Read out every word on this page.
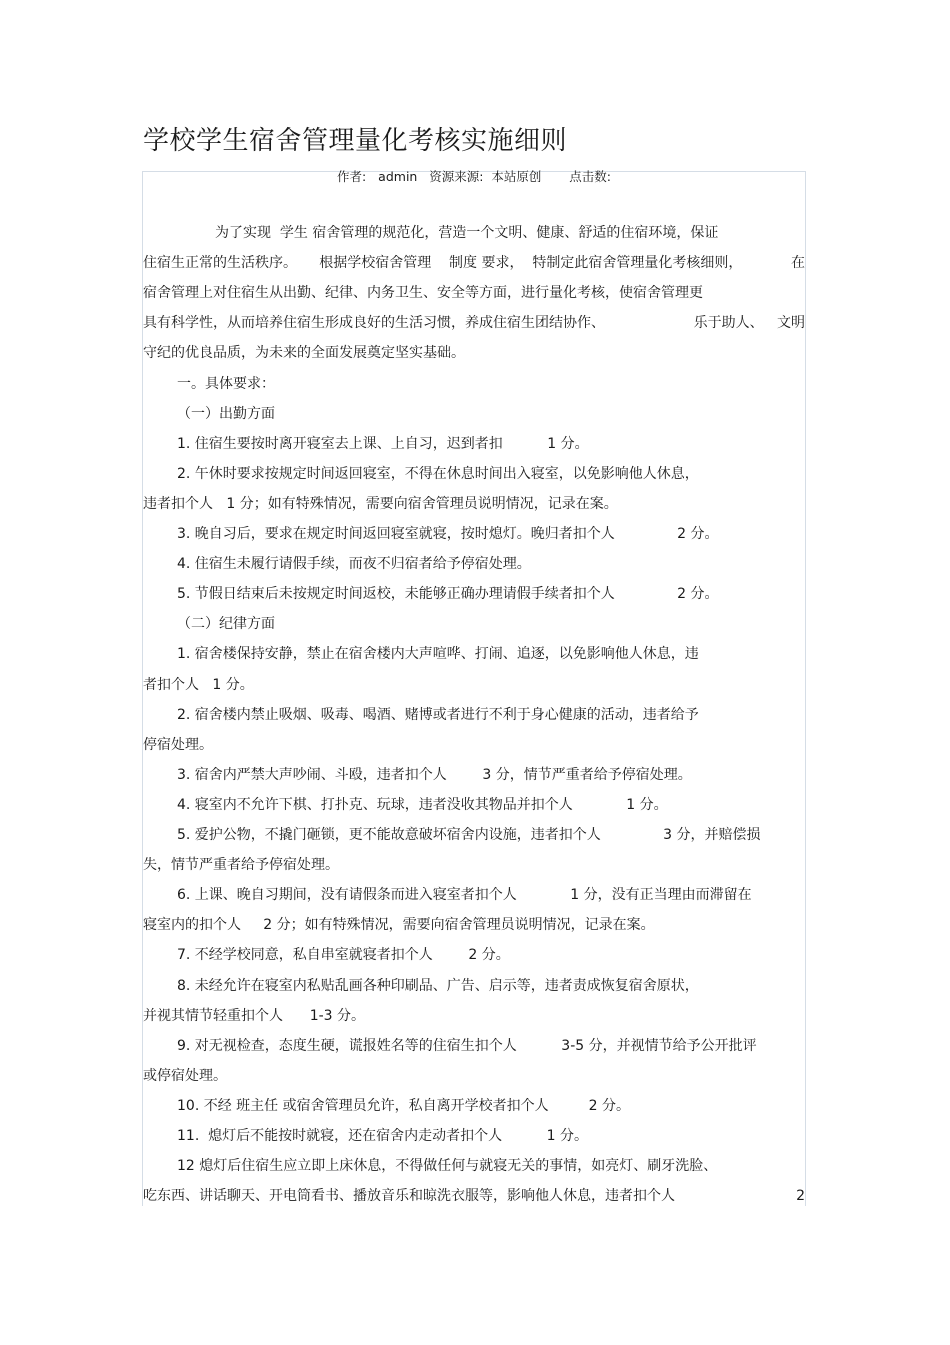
学校学生宿舍管理量化考核实施细则
作者:   admin   资源来源:  本站原创       点击数:
为了实现  学生 宿舍管理的规范化，营造一个文明、健康、舒适的住宿环境，保证
住宿生正常的生活秩序。     根据学校宿舍管理    制度 要求，  特制定此宿舍管理量化考核细则，	在
宿舍管理上对住宿生从出勤、纪律、内务卫生、安全等方面，进行量化考核，使宿舍管理更
具有科学性，从而培养住宿生形成良好的生活习惯，养成住宿生团结协作、	乐于助人、   文明
守纪的优良品质，为未来的全面发展奠定坚实基础。
一。具体要求：
（一）出勤方面
1. 住宿生要按时离开寝室去上课、上自习，迟到者扣          1 分。
2. 午休时要求按规定时间返回寝室，不得在休息时间出入寝室，以免影响他人休息，
违者扣个人   1 分；如有特殊情况，需要向宿舍管理员说明情况，记录在案。
3. 晚自习后，要求在规定时间返回寝室就寝，按时熄灯。晚归者扣个人              2 分。
4. 住宿生未履行请假手续，而夜不归宿者给予停宿处理。
5. 节假日结束后未按规定时间返校，未能够正确办理请假手续者扣个人              2 分。
（二）纪律方面
1. 宿舍楼保持安静，禁止在宿舍楼内大声喧哗、打闹、追逐，以免影响他人休息，违
者扣个人   1 分。
2. 宿舍楼内禁止吸烟、吸毒、喝酒、赌博或者进行不利于身心健康的活动，违者给予
停宿处理。
3. 宿舍内严禁大声吵闹、斗殴，违者扣个人        3 分，情节严重者给予停宿处理。
4. 寝室内不允许下棋、打扑克、玩球，违者没收其物品并扣个人            1 分。
5. 爱护公物，不撬门砸锁，更不能故意破坏宿舍内设施，违者扣个人              3 分，并赔偿损
失，情节严重者给予停宿处理。
6. 上课、晚自习期间，没有请假条而进入寝室者扣个人            1 分，没有正当理由而滞留在
寝室内的扣个人     2 分；如有特殊情况，需要向宿舍管理员说明情况，记录在案。
7. 不经学校同意，私自串室就寝者扣个人        2 分。
8. 未经允许在寝室内私贴乱画各种印刷品、广告、启示等，违者责成恢复宿舍原状，
并视其情节轻重扣个人      1-3 分。
9. 对无视检查，态度生硬，谎报姓名等的住宿生扣个人          3-5 分，并视情节给予公开批评
或停宿处理。
10. 不经 班主任 或宿舍管理员允许，私自离开学校者扣个人         2 分。
11.  熄灯后不能按时就寝，还在宿舍内走动者扣个人          1 分。
12 熄灯后住宿生应立即上床休息，不得做任何与就寝无关的事情，如亮灯、刷牙洗脸、
吃东西、讲话聊天、开电筒看书、播放音乐和晾洗衣服等，影响他人休息，违者扣个人	2
